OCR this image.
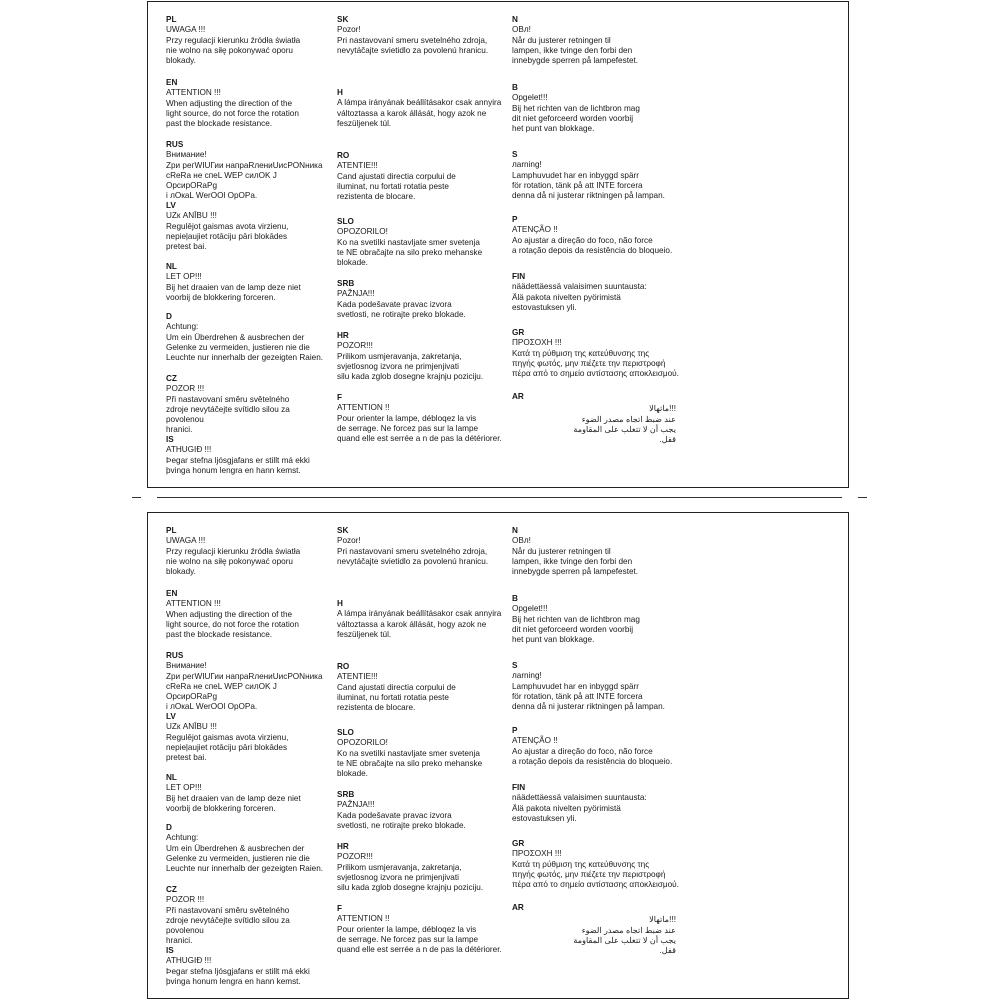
PL
UWAGA !!!
Przy regulacji kierunku źródła światła
nie wolno na siłę pokonywać oporu
blokady.
EN
ATTENTION !!!
When adjusting the direction of the
light source, do not force the rotation
past the blockade resistance.
RUS
Внимание!
Zри регWIUГии напраRлениUисPONника
cReRa не спеL WEР силOK J OрсирORaРg
i лOкaL WerOOl OpOPa.
LV
UZк ANĪBU !!!
Regulējot gaismas avota virzienu,
nepieļaujiet rotāciju pāri blokādes
pretest bai.
NL
LET OP!!!
Bij het draaien van de lamp deze niet
voorbij de blokkering forceren.
D
Achtung:
Um ein Überdrehen & ausbrechen der
Gelenke zu vermeiden, justieren nie die
Leuchte nur innerhalb der gezeigten Raien.
CZ
POZOR !!!
Při nastavovaní směru světelného
zdroje nevytáčejte svítidlo silou za povolenou
hranici.
IS
ATHUGIÐ !!!
Þegar stefna ljósgjafans er stillt má ekki
þvinga honum lengra en hann kemst.
SK
Pozor!
Pri nastavovaní smeru svetelného zdroja,
nevytáčajte svietidlo za povolenú hranicu.
H
A lámpa irányának beállításakor csak annyira
változtassa a karok állását, hogy azok ne
feszüljenek túl.
RO
ATENTIE!!!
Cand ajustati directia corpului de
iluminat, nu fortati rotatia peste
rezistenta de blocare.
SLO
OPOZORILO!
Ko na svetilki nastavljate smer svetenja
te NE obračajte na silo preko mehanske
blokade.
SRB
PAŽNJA!!!
Kada podešavate pravac izvora
svetlosti, ne rotirajte preko blokade.
HR
POZOR!!!
Prilikom usmjeravanja, zakretanja,
svjetlosnog izvora ne primjenjivati
silu kada zglob dosegne krajnju poziciju.
F
ATTENTION !!
Pour orienter la lampe, débloqez la vis
de serrage. Ne forcez pas sur la lampe
quand elle est serrée a n de pas la détériorer.
N
OBл!
Når du justerer retningen til
lampen, ikke tvinge den forbi den
innebygde sperren på lampefestet.
B
Opgelet!!!
Bij het richten van de lichtbron mag
dit niet geforceerd worden voorbij
het punt van blokkage.
S
лarning!
Lamphuvudet har en inbyggd spärr
för rotation, tänk på att INTE forcera
denna då ni justerar riktningen på lampan.
P
ATENÇÃO !!
Ao ajustar a direção do foco, não force
a rotação depois da resistência do bloqueio.
FIN
näädettäessä valaisimen suuntausta:
Älä pakota nivelten pyörimistä
estovastuksen yli.
GR
ΠΡΟΣΟΧΗ !!!
Κατά τη ρύθμιση της κατεύθυνσης της
πηγής φωτός, μην πιέζετε την περιστροφή
πέρα από το σημείο αντίστασης αποκλεισμού.
AR
!!!ماتهالا
عند ضبط اتجاه مصدر الضوء
يجب أن لا تتغلب على المقاومة
قفل.
PL
UWAGA !!!
Przy regulacji kierunku źródła światła
nie wolno na siłę pokonywać oporu
blokady.
EN
ATTENTION !!!
When adjusting the direction of the
light source, do not force the rotation
past the blockade resistance.
RUS
Внимание!
Zри регWIUГии напраRлениUисPONника
cReRa не спеL WEР силOK J OрсирORaРg
i лOкaL WerOOl OpOPa.
LV
UZк ANĪBU !!!
Regulējot gaismas avota virzienu,
nepieļaujiet rotāciju pāri blokādes
pretest bai.
NL
LET OP!!!
Bij het draaien van de lamp deze niet
voorbij de blokkering forceren.
D
Achtung:
Um ein Überdrehen & ausbrechen der
Gelenke zu vermeiden, justieren nie die
Leuchte nur innerhalb der gezeigten Raien.
CZ
POZOR !!!
Při nastavovaní směru světelného
zdroje nevytáčejte svítidlo silou za povolenou
hranici.
IS
ATHUGIÐ !!!
Þegar stefna ljósgjafans er stillt má ekki
þvinga honum lengra en hann kemst.
SK
Pozor!
Pri nastavovaní smeru svetelného zdroja,
nevytáčajte svietidlo za povolenú hranicu.
H
A lámpa irányának beállításakor csak annyira
változtassa a karok állását, hogy azok ne
feszüljenek túl.
RO
ATENTIE!!!
Cand ajustati directia corpului de
iluminat, nu fortati rotatia peste
rezistenta de blocare.
SLO
OPOZORILO!
Ko na svetilki nastavljate smer svetenja
te NE obračajte na silo preko mehanske
blokade.
SRB
PAŽNJA!!!
Kada podešavate pravac izvora
svetlosti, ne rotirajte preko blokade.
HR
POZOR!!!
Prilikom usmjeravanja, zakretanja,
svjetlosnog izvora ne primjenjivati
silu kada zglob dosegne krajnju poziciju.
F
ATTENTION !!
Pour orienter la lampe, débloqez la vis
de serrage. Ne forcez pas sur la lampe
quand elle est serrée a n de pas la détériorer.
N
OBл!
Når du justerer retningen til
lampen, ikke tvinge den forbi den
innebygde sperren på lampefestet.
B
Opgelet!!!
Bij het richten van de lichtbron mag
dit niet geforceerd worden voorbij
het punt van blokkage.
S
лarning!
Lamphuvudet har en inbyggd spärr
för rotation, tänk på att INTE forcera
denna då ni justerar riktningen på lampan.
P
ATENÇÃO !!
Ao ajustar a direção do foco, não force
a rotação depois da resistência do bloqueio.
FIN
näädettäessä valaisimen suuntausta:
Älä pakota nivelten pyörimistä
estovastuksen yli.
GR
ΠΡΟΣΟΧΗ !!!
Κατά τη ρύθμιση της κατεύθυνσης της
πηγής φωτός, μην πιέζετε την περιστροφή
πέρα από το σημείο αντίστασης αποκλεισμού.
AR
!!!ماتهالا
عند ضبط اتجاه مصدر الضوء
يجب أن لا تتغلب على المقاومة
قفل.
